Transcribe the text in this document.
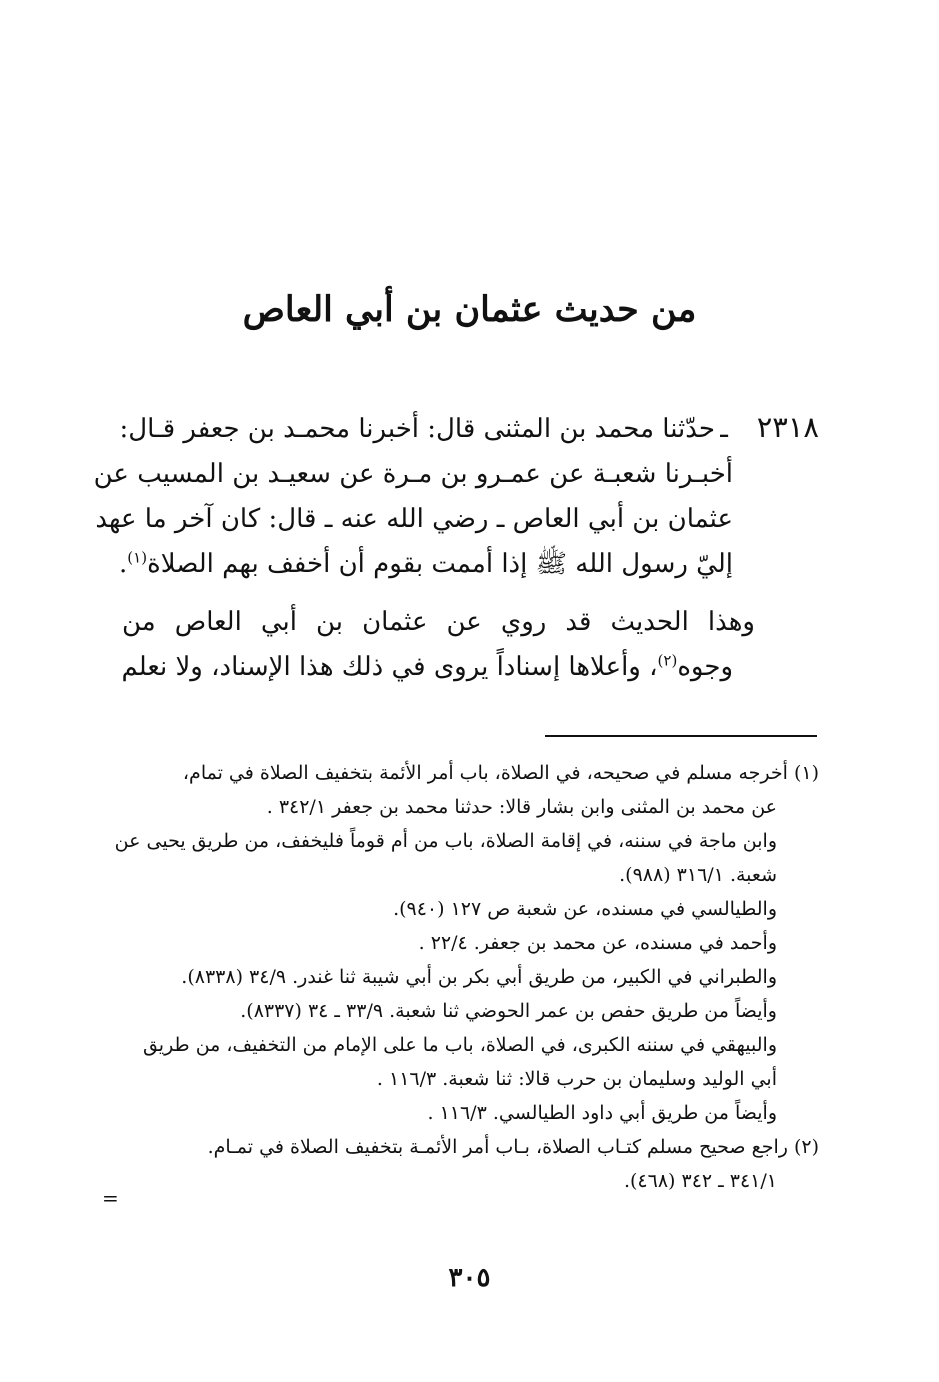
من حديث عثمان بن أبي العاص
٢٣١٨
ـ
حدّثنا محمد بن المثنى قال: أخبرنا محمـد بن جعفر قـال:
أخبـرنا شعبـة عن عمـرو بن مـرة عن سعيـد بن المسيب عن
عثمان بن أبي العاص ـ رضي الله عنه ـ قال: كان آخر ما عهد
إليّ رسول الله ﷺ إذا أممت بقوم أن أخفف بهم الصلاة$^{(١)}$.
وهذا الحديث قد روي عن عثمان بن أبي العاص من
وجوه$^{(٢)}$، وأعلاها إسناداً يروى في ذلك هذا الإسناد، ولا نعلم
(١) أخرجه مسلم في صحيحه، في الصلاة، باب أمر الأئمة بتخفيف الصلاة في تمام،
عن محمد بن المثنى وابن بشار قالا: حدثنا محمد بن جعفر ٣٤٢/١ .
وابن ماجة في سننه، في إقامة الصلاة، باب من أم قوماً فليخفف، من طريق يحيى عن
شعبة. ٣١٦/١ (٩٨٨).
والطيالسي في مسنده، عن شعبة ص ١٢٧ (٩٤٠).
وأحمد في مسنده، عن محمد بن جعفر. ٢٢/٤ .
والطبراني في الكبير، من طريق أبي بكر بن أبي شيبة ثنا غندر. ٣٤/٩ (٨٣٣٨).
وأيضاً من طريق حفص بن عمر الحوضي ثنا شعبة. ٣٣/٩ ـ ٣٤ (٨٣٣٧).
والبيهقي في سننه الكبرى، في الصلاة، باب ما على الإمام من التخفيف، من طريق
أبي الوليد وسليمان بن حرب قالا: ثنا شعبة. ١١٦/٣ .
وأيضاً من طريق أبي داود الطيالسي. ١١٦/٣ .
(٢) راجع صحيح مسلم كتـاب الصلاة، بـاب أمر الأئمـة بتخفيف الصلاة في تمـام.
٣٤١/١ ـ ٣٤٢ (٤٦٨).
=
٣٠٥
